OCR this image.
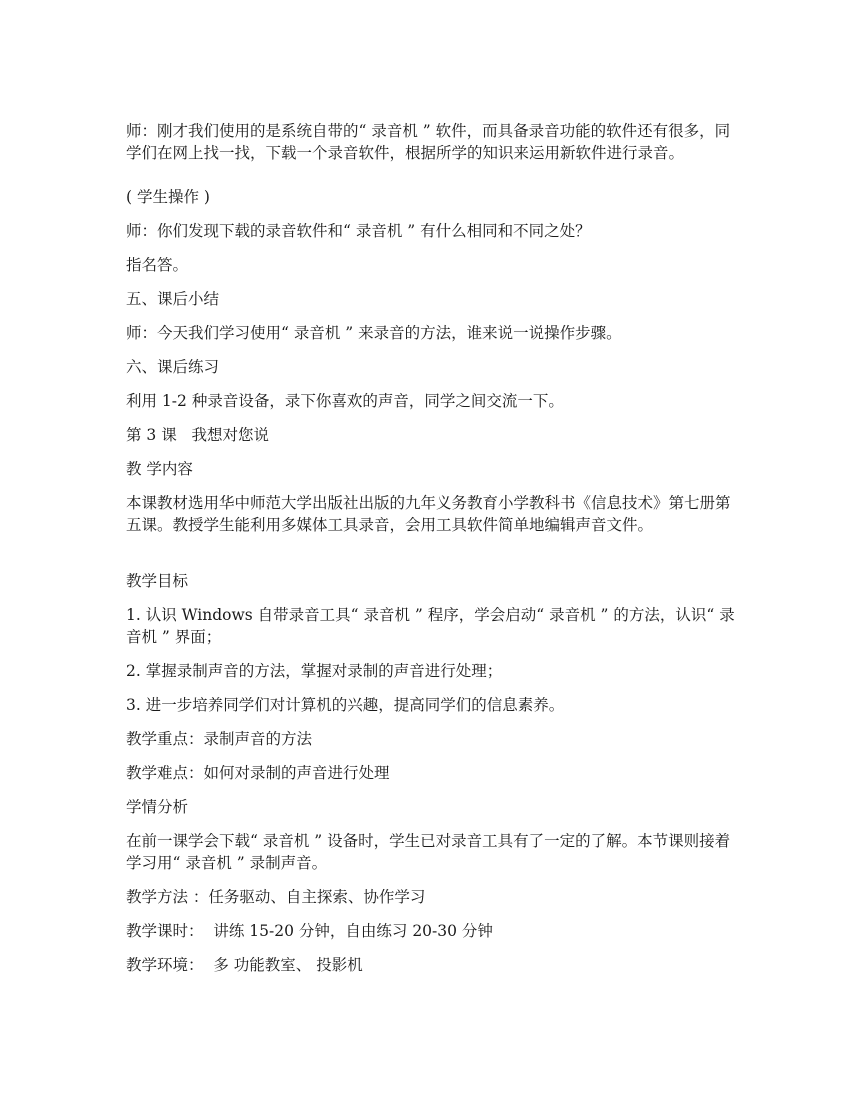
师：刚才我们使用的是系统自带的“ 录音机 ” 软件，而具备录音功能的软件还有很多，同学们在网上找一找，下载一个录音软件，根据所学的知识来运用新软件进行录音。

( 学生操作 )

师：你们发现下载的录音软件和“ 录音机 ” 有什么相同和不同之处？

指名答。

五、课后小结

师：今天我们学习使用“ 录音机 ” 来录音的方法，谁来说一说操作步骤。

六、课后练习

利用 1-2 种录音设备，录下你喜欢的声音，同学之间交流一下。

第 3 课   我想对您说

教 学内容

本课教材选用华中师范大学出版社出版的九年义务教育小学教科书《信息技术》第七册第五课。教授学生能利用多媒体工具录音，会用工具软件简单地编辑声音文件。

教学目标

1. 认识 Windows 自带录音工具“ 录音机 ” 程序，学会启动“ 录音机 ” 的方法，认识“ 录音机 ” 界面；

2. 掌握录制声音的方法，掌握对录制的声音进行处理；

3. 进一步培养同学们对计算机的兴趣，提高同学们的信息素养。

教学重点：录制声音的方法

教学难点：如何对录制的声音进行处理

学情分析

在前一课学会下载“ 录音机 ” 设备时，学生已对录音工具有了一定的了解。本节课则接着学习用“ 录音机 ” 录制声音。

教学方法 ：任务驱动、自主探索、协作学习

教学课时：  讲练 15-20 分钟，自由练习 20-30 分钟

教学环境：  多 功能教室、 投影机
